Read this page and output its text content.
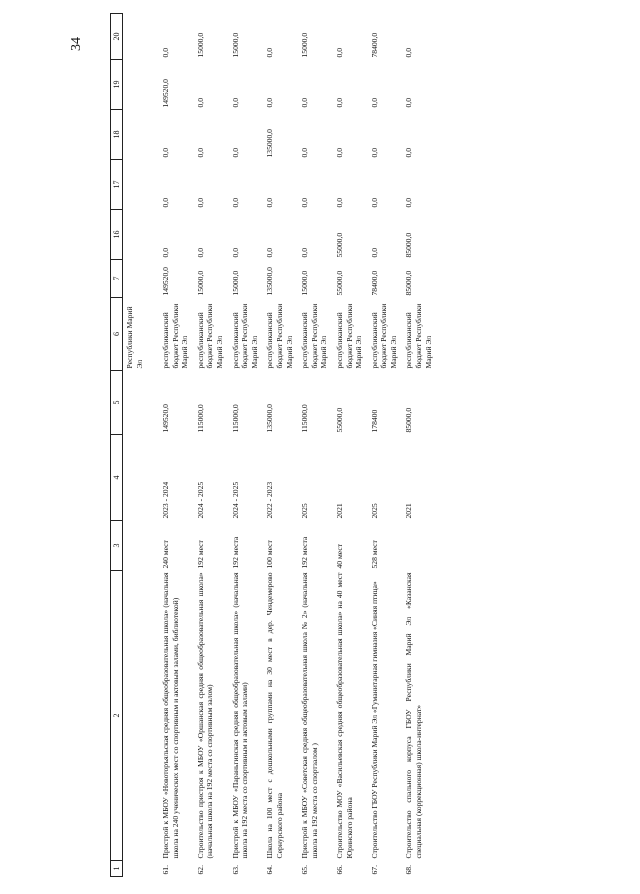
34
1	2	3	4	5	6	7	16	17	18	19	20
					Республики Марий Эл						
61.	Пристрой к МБОУ «Новоторъяльская средняя общеобразовательная школа» (начальная школа на 240 ученических мест со спортивным и актовым залами, библиотекой)	240 мест	2023 - 2024	149520,0	республиканский бюджет Республики Марий Эл	149520,0	0,0	0,0	0,0	149520,0	0,0
62.	Строительство пристроя к МБОУ «Оршанская средняя общеобразовательная школа» (начальная школа на 192 места со спортивным залом)	192 мест	2024 - 2025	115000,0	республиканский бюджет Республики Марий Эл	15000,0	0,0	0,0	0,0	0,0	15000,0
63.	Пристрой к МБОУ «Параньгинская средняя общеобразовательная школа» (начальная школа на 192 места со спортивным и актовым залами)	192 места	2024 - 2025	115000,0	республиканский бюджет Республики Марий Эл	15000,0	0,0	0,0	0,0	0,0	15000,0
64.	Школа на 100 мест с дошкольными группами на 30 мест в дер. Чендемерово Сернурского района	100 мест	2022 - 2023	135000,0	республиканский бюджет Республики Марий Эл	135000,0	0,0	0,0	135000,0	0,0	0,0
65.	Пристрой к МБОУ «Советская средняя общеобразовательная школа № 2» (начальная школа на 192 места со спортзалом )	192 места	2025	115000,0	республиканский бюджет Республики Марий Эл	15000,0	0,0	0,0	0,0	0,0	15000,0
66.	Строительство МОУ «Васильевская средняя общеобразовательная школа» на 40 мест Юринского района	40 мест	2021	55000,0	республиканский бюджет Республики Марий Эл	55000,0	55000,0	0,0	0,0	0,0	0,0
67.	Строительство ГБОУ Республики Марий Эл «Гуманитарная гимназия «Синяя птица»	528 мест	2025	178400	республиканский бюджет Республики Марий Эл	78400,0	0,0	0,0	0,0	0,0	78400,0
68.	Строительство спального корпуса ГБОУ Республики Марий Эл «Казанская специальная (коррекционная) школа-интернат»		2021	85000,0	республиканский бюджет Республики Марий Эл	85000,0	85000,0	0,0	0,0	0,0	0,0
